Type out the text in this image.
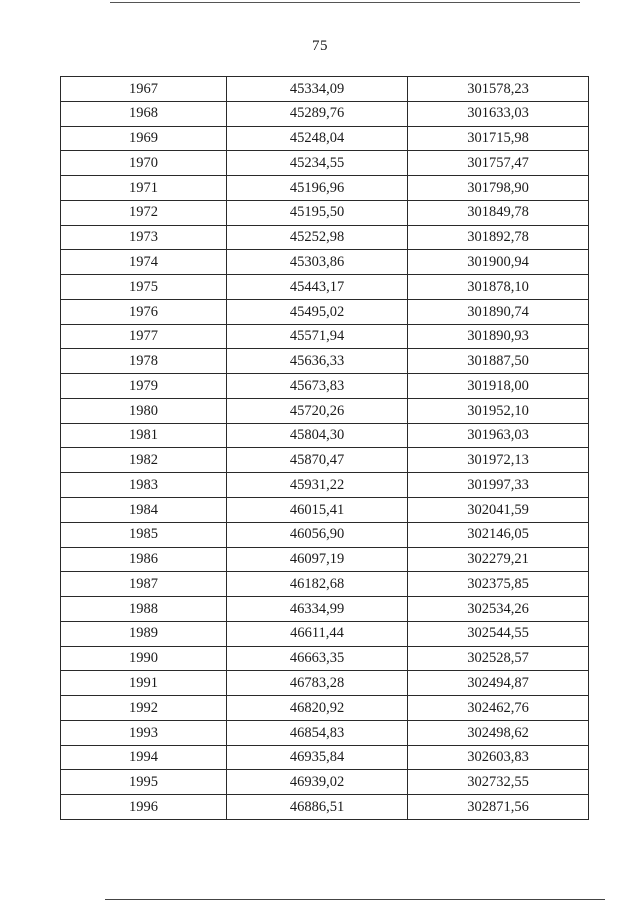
75
1967	45334,09	301578,23
1968	45289,76	301633,03
1969	45248,04	301715,98
1970	45234,55	301757,47
1971	45196,96	301798,90
1972	45195,50	301849,78
1973	45252,98	301892,78
1974	45303,86	301900,94
1975	45443,17	301878,10
1976	45495,02	301890,74
1977	45571,94	301890,93
1978	45636,33	301887,50
1979	45673,83	301918,00
1980	45720,26	301952,10
1981	45804,30	301963,03
1982	45870,47	301972,13
1983	45931,22	301997,33
1984	46015,41	302041,59
1985	46056,90	302146,05
1986	46097,19	302279,21
1987	46182,68	302375,85
1988	46334,99	302534,26
1989	46611,44	302544,55
1990	46663,35	302528,57
1991	46783,28	302494,87
1992	46820,92	302462,76
1993	46854,83	302498,62
1994	46935,84	302603,83
1995	46939,02	302732,55
1996	46886,51	302871,56
